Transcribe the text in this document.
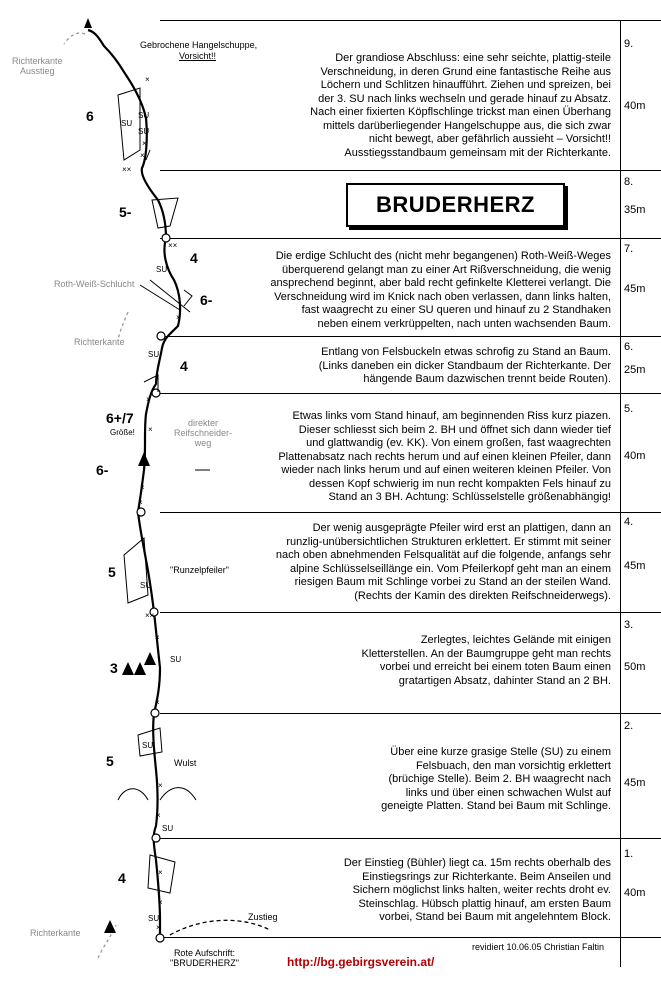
9.
40m
8.
35m
7.
45m
6.
25m
5.
40m
4.
45m
3.
50m
2.
45m
1.
40m
Der grandiose Abschluss: eine sehr seichte, plattig-steile
Verschneidung, in deren Grund eine fantastische Reihe aus
Löchern und Schlitzen hinaufführt. Ziehen und spreizen, bei
der 3. SU nach links wechseln und gerade hinauf zu Absatz.
Nach einer fixierten Köpflschlinge trickst man einen Überhang
mittels darüberliegender Hangelschuppe aus, die sich zwar
nicht bewegt, aber gefährlich aussieht – Vorsicht!!
Ausstiegsstandbaum gemeinsam mit der Richterkante.
Die erdige Schlucht des (nicht mehr begangenen) Roth-Weiß-Weges
überquerend gelangt man zu einer Art Rißverschneidung, die wenig
ansprechend beginnt, aber bald recht gefinkelte Kletterei verlangt. Die
Verschneidung wird im Knick nach oben verlassen, dann links halten,
fast waagrecht zu einer SU queren und hinauf zu 2 Standhaken
neben einem verkrüppelten, nach unten wachsenden Baum.
Entlang von Felsbuckeln etwas schrofig zu Stand an Baum.
(Links daneben ein dicker Standbaum der Richterkante. Der
hängende Baum dazwischen trennt beide Routen).
Etwas links vom Stand hinauf, am beginnenden Riss kurz piazen.
Dieser schliesst sich beim 2. BH und öffnet sich dann wieder tief
und glattwandig (ev. KK). Von einem großen, fast waagrechten
Plattenabsatz nach rechts herum und auf einen kleinen Pfeiler, dann
wieder nach links herum und auf einen weiteren kleinen Pfeiler. Von
dessen Kopf schwierig im nun recht kompakten Fels hinauf zu
Stand an 3 BH. Achtung: Schlüsselstelle größenabhängig!
Der wenig ausgeprägte Pfeiler wird erst an plattigen, dann an
runzlig-unübersichtlichen Strukturen erklettert. Er stimmt mit seiner
nach oben abnehmenden Felsqualität auf die folgende, anfangs sehr
alpine Schlüsselseillänge ein. Vom Pfeilerkopf geht man an einem
riesigen Baum mit Schlinge vorbei zu Stand an der steilen Wand.
(Rechts der Kamin des direkten Reifschneiderwegs).
Zerlegtes, leichtes Gelände mit einigen
Kletterstellen. An der Baumgruppe geht man rechts
vorbei und erreicht bei einem toten Baum einen
gratartigen Absatz, dahinter Stand an 2 BH.
Über eine kurze grasige Stelle (SU) zu einem
Felsbuach, den man vorsichtig erklettert
(brüchige Stelle). Beim 2. BH waagrecht nach
links und über einen schwachen Wulst auf
geneigte Platten. Stand bei Baum mit Schlinge.
Der Einstieg (Bühler) liegt ca. 15m rechts oberhalb des
Einstiegsrings zur Richterkante. Beim Anseilen und
Sichern möglichst links halten, weiter rechts droht ev.
Steinschlag. Hübsch plattig hinauf, am ersten Baum
vorbei, Stand bei Baum mit angelehntem Block.
BRUDERHERZ
6
5-
4
6-
4
6+/7
Größe!
6-
5
3
5
4
Gebrochene Hangelschuppe,
Vorsicht!!
Richterkante
Ausstieg
Roth-Weiß-Schlucht
Richterkante
direkter
Reifschneider-
weg
"Runzelpfeiler"
Wulst
Zustieg
Richterkante
Rote Aufschrift:
"BRUDERHERZ"
SU
SU
SU
SU
SU
SU
SU
SU
SU
SU
×
×
×
××
××
×
×
×
×
×
××
×
×
×
×
×
×
×
revidiert 10.06.05 Christian Faltin
http://bg.gebirgsverein.at/
